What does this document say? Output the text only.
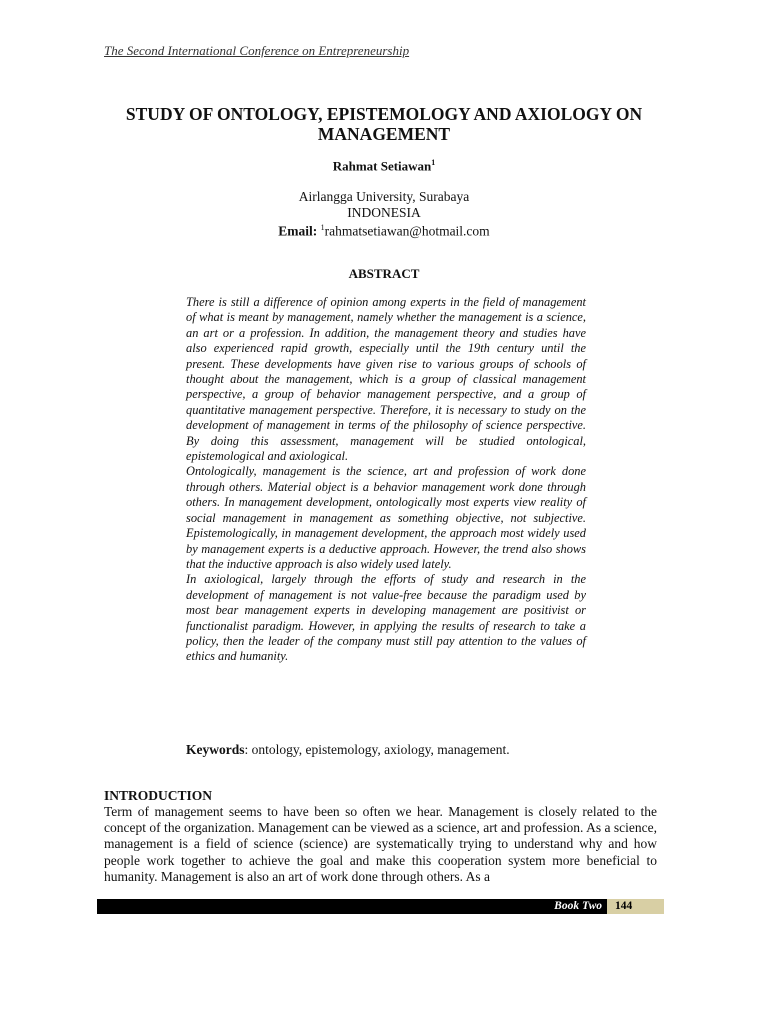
The Second International Conference on Entrepreneurship
STUDY OF ONTOLOGY, EPISTEMOLOGY AND AXIOLOGY ON MANAGEMENT
Rahmat Setiawan$^1$
Airlangga University, Surabaya
INDONESIA
Email: $^1$rahmatsetiawan@hotmail.com
ABSTRACT

There is still a difference of opinion among experts in the field of management of what is meant by management, namely whether the management is a science, an art or a profession. In addition, the management theory and studies have also experienced rapid growth, especially until the 19th century until the present. These developments have given rise to various groups of schools of thought about the management, which is a group of classical management perspective, a group of behavior management perspective, and a group of quantitative management perspective. Therefore, it is necessary to study on the development of management in terms of the philosophy of science perspective. By doing this assessment, management will be studied ontological, epistemological and axiological.

Ontologically, management is the science, art and profession of work done through others. Material object is a behavior management work done through others. In management development, ontologically most experts view reality of social management in management as something objective, not subjective. Epistemologically, in management development, the approach most widely used by management experts is a deductive approach. However, the trend also shows that the inductive approach is also widely used lately.

In axiological, largely through the efforts of study and research in the development of management is not value-free because the paradigm used by most bear management experts in developing management are positivist or functionalist paradigm. However, in applying the results of research to take a policy, then the leader of the company must still pay attention to the values of ethics and humanity.

Keywords: ontology, epistemology, axiology, management.
INTRODUCTION

Term of management seems to have been so often we hear. Management is closely related to the concept of the organization. Management can be viewed as a science, art and profession. As a science, management is a field of science (science) are systematically trying to understand why and how people work together to achieve the goal and make this cooperation system more beneficial to humanity. Management is also an art of work done through others. As a

Book Two	144
